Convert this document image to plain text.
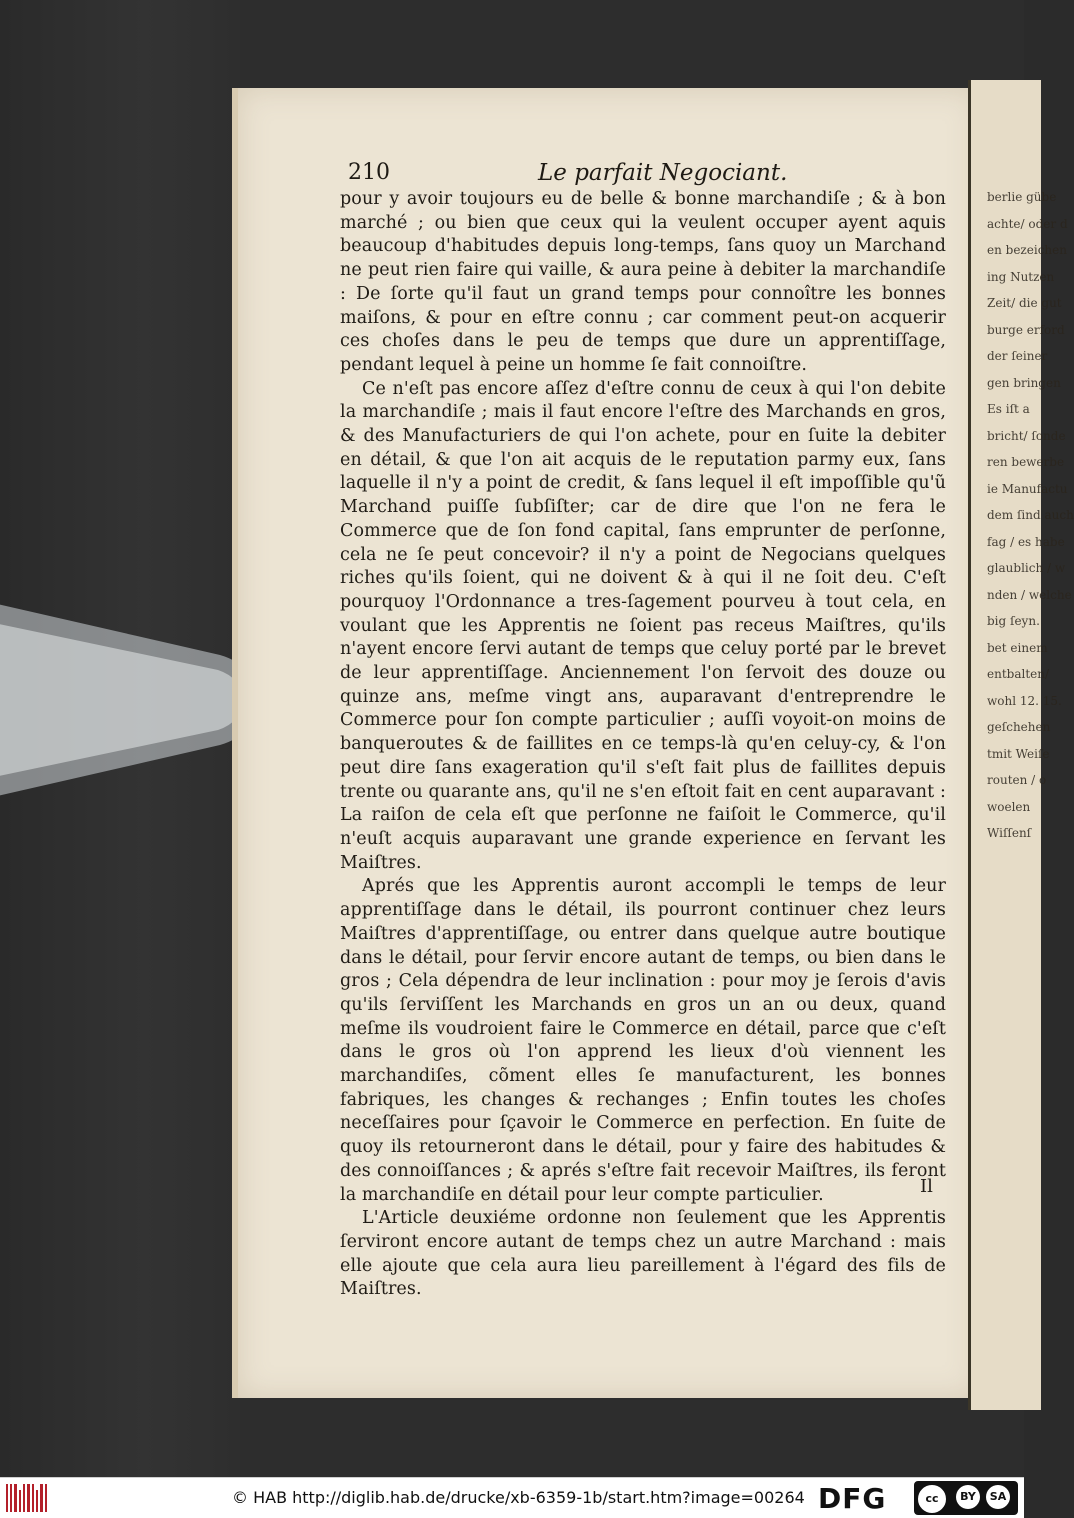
berlie gübe
achte/ oder d
en bezeichen
ing Nutzen
Zeit/ die gut
burge erford
der ſeiner
gen bringen
Es iſt a
bricht/ ſonde
ren bewerbe
ie Manufactu
dem ſind auch
fag / es habe
glaublich / w
nden / welche
big ſeyn.
bet einem
entbalten/
wohl 12. 15.
geſchehen
tmit Weiſe
routen / o
woelen
Wiſſenſ
210	Le parfait Negociant.

pour y avoir toujours eu de belle & bonne marchandiſe ; & à bon marché ; ou bien que ceux qui la veulent occuper ayent aquis beaucoup d'habitudes depuis long-temps, ſans quoy un Marchand ne peut rien faire qui vaille, & aura peine à debiter la marchandiſe : De ſorte qu'il faut un grand temps pour connoître les bonnes maiſons, & pour en eſtre connu ; car comment peut-on acquerir ces choſes dans le peu de temps que dure un apprentiſſage, pendant lequel à peine un homme ſe fait connoiſtre.

Ce n'eſt pas encore aſſez d'eſtre connu de ceux à qui l'on debite la marchandiſe ; mais il faut encore l'eſtre des Marchands en gros, & des Manufacturiers de qui l'on achete, pour en ſuite la debiter en détail, & que l'on ait acquis de le reputation parmy eux, ſans laquelle il n'y a point de credit, & ſans lequel il eſt impoſſible qu'ũ Marchand puiſſe ſubſiſter; car de dire que l'on ne fera le Commerce que de ſon fond capital, ſans emprunter de perſonne, cela ne ſe peut concevoir? il n'y a point de Negocians quelques riches qu'ils ſoient, qui ne doivent & à qui il ne ſoit deu. C'eſt pourquoy l'Ordonnance a tres-ſagement pourveu à tout cela, en voulant que les Apprentis ne ſoient pas receus Maiſtres, qu'ils n'ayent encore ſervi autant de temps que celuy porté par le brevet de leur apprentiſſage. Anciennement l'on ſervoit des douze ou quinze ans, meſme vingt ans, auparavant d'entreprendre le Commerce pour ſon compte particulier ; auſſi voyoit-on moins de banqueroutes & de faillites en ce temps-là qu'en celuy-cy, & l'on peut dire ſans exageration qu'il s'eſt fait plus de faillites depuis trente ou quarante ans, qu'il ne s'en eſtoit fait en cent auparavant : La raiſon de cela eſt que perſonne ne faiſoit le Commerce, qu'il n'euſt acquis auparavant une grande experience en ſervant les Maiſtres.

Aprés que les Apprentis auront accompli le temps de leur apprentiſſage dans le détail, ils pourront continuer chez leurs Maiſtres d'apprentiſſage, ou entrer dans quelque autre boutique dans le détail, pour ſervir encore autant de temps, ou bien dans le gros ; Cela dépendra de leur inclination : pour moy je ſerois d'avis qu'ils ſerviſſent les Marchands en gros un an ou deux, quand meſme ils voudroient faire le Commerce en détail, parce que c'eſt dans le gros où l'on apprend les lieux d'où viennent les marchandiſes, cõment elles ſe manufacturent, les bonnes fabriques, les changes & rechanges ; Enfin toutes les choſes neceſſaires pour ſçavoir le Commerce en perfection. En ſuite de quoy ils retourneront dans le détail, pour y faire des habitudes & des connoiſſances ; & aprés s'eſtre fait recevoir Maiſtres, ils feront la marchandiſe en détail pour leur compte particulier.

L'Article deuxiéme ordonne non ſeulement que les Apprentis ſerviront encore autant de temps chez un autre Marchand : mais elle ajoute que cela aura lieu pareillement à l'égard des fils de Maiſtres.

Il
© HAB http://diglib.hab.de/drucke/xb-6359-1b/start.htm?image=00264 DFG	cc	BY	SA
